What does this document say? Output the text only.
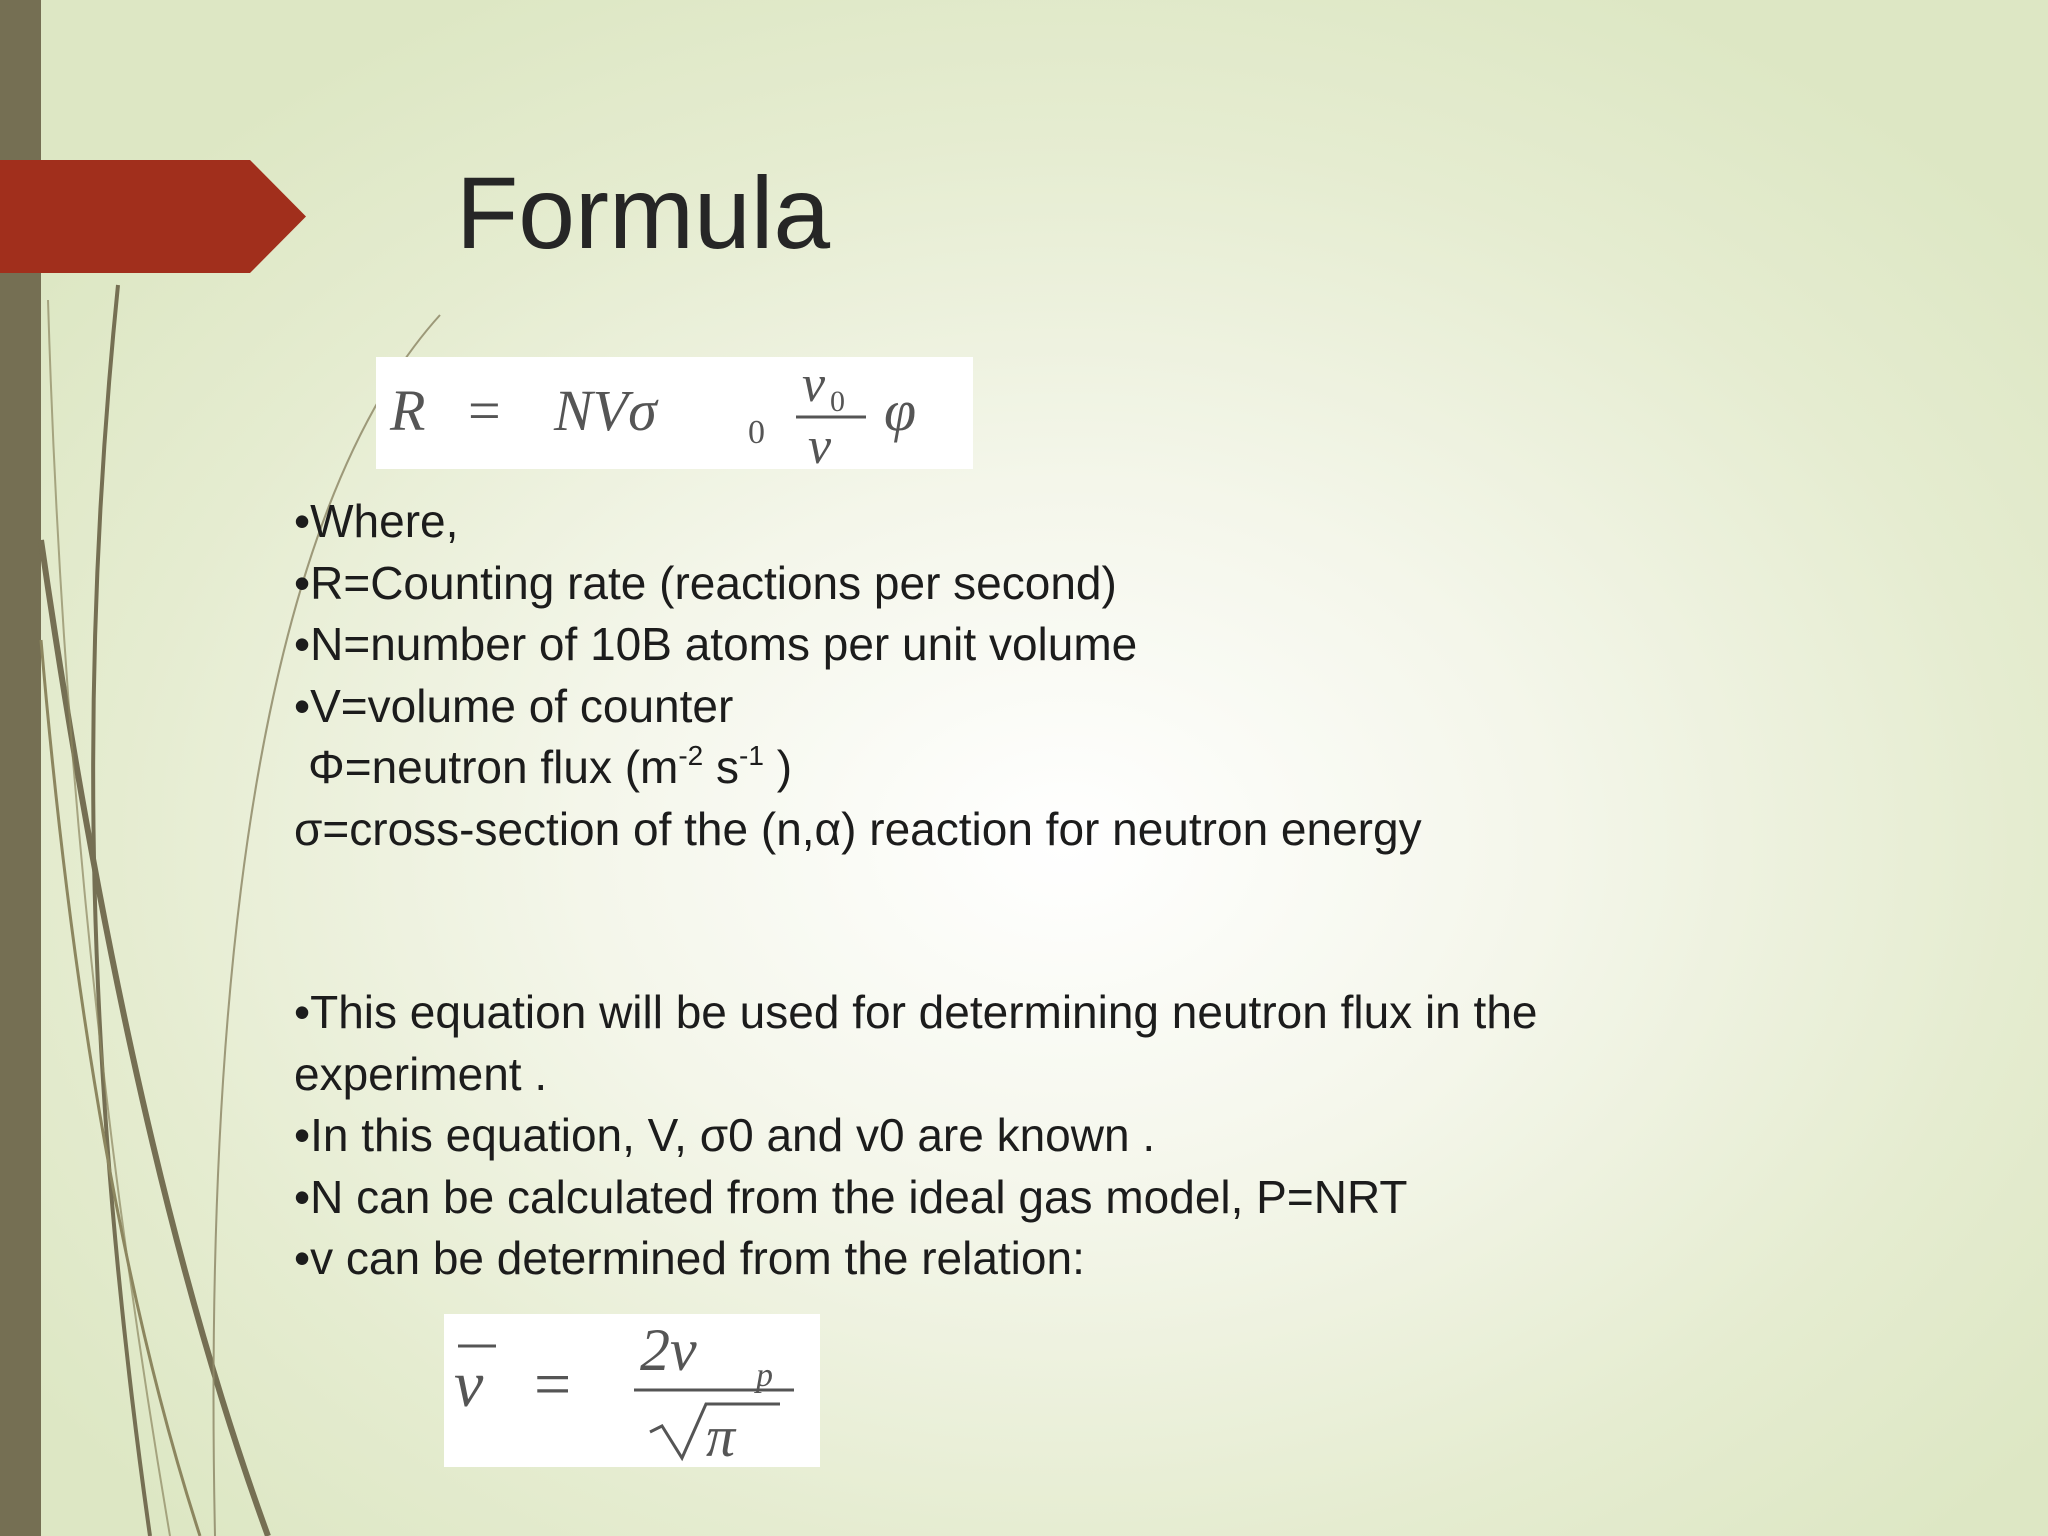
Formula
R = NVσ	0
v 0
v
φ
•Where,
•R=Counting rate (reactions per second)
•N=number of 10B atoms per unit volume
•V=volume of counter
Φ=neutron flux ($m^{-2}$ $s^{-1}$ )
σ=cross-section of the (n,α) reaction for neutron energy
•This equation will be used for determining neutron flux in the
experiment .
•In this equation, V, σ0 and v0 are known .
•N can be calculated from the ideal gas model, P=NRT
•v can be determined from the relation:
v = 2v p
π
